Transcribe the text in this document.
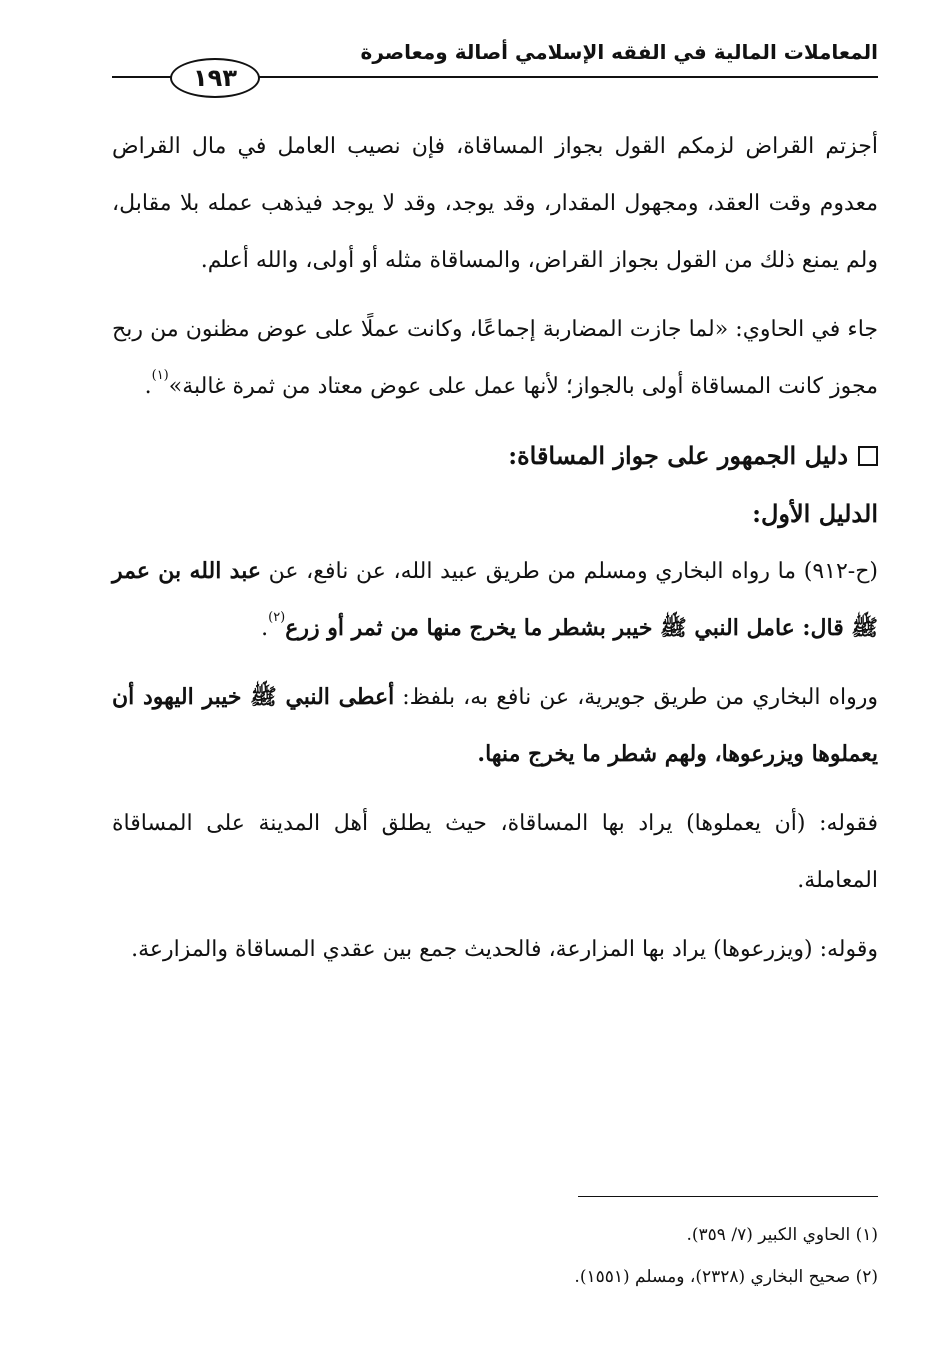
المعاملات المالية في الفقه الإسلامي أصالة ومعاصرة
١٩٣

أجزتم القراض لزمكم القول بجواز المساقاة، فإن نصيب العامل في مال القراض معدوم وقت العقد، ومجهول المقدار، وقد يوجد، وقد لا يوجد فيذهب عمله بلا مقابل، ولم يمنع ذلك من القول بجواز القراض، والمساقاة مثله أو أولى، والله أعلم.

جاء في الحاوي: «لما جازت المضاربة إجماعًا، وكانت عملًا على عوض مظنون من ربح مجوز كانت المساقاة أولى بالجواز؛ لأنها عمل على عوض معتاد من ثمرة غالبة»$^{(١)}$.

دليل الجمهور على جواز المساقاة:

الدليل الأول:

(ح-٩١٢) ما رواه البخاري ومسلم من طريق عبيد الله، عن نافع، عن عبد الله بن عمر ﷺ قال: عامل النبي ﷺ خيبر بشطر ما يخرج منها من ثمر أو زرع$^{(٢)}$.

ورواه البخاري من طريق جويرية، عن نافع به، بلفظ: أعطى النبي ﷺ خيبر اليهود أن يعملوها ويزرعوها، ولهم شطر ما يخرج منها.

فقوله: (أن يعملوها) يراد بها المساقاة، حيث يطلق أهل المدينة على المساقاة المعاملة.

وقوله: (ويزرعوها) يراد بها المزارعة، فالحديث جمع بين عقدي المساقاة والمزارعة.

(١) الحاوي الكبير (٧/ ٣٥٩).

(٢) صحيح البخاري (٢٣٢٨)، ومسلم (١٥٥١).
